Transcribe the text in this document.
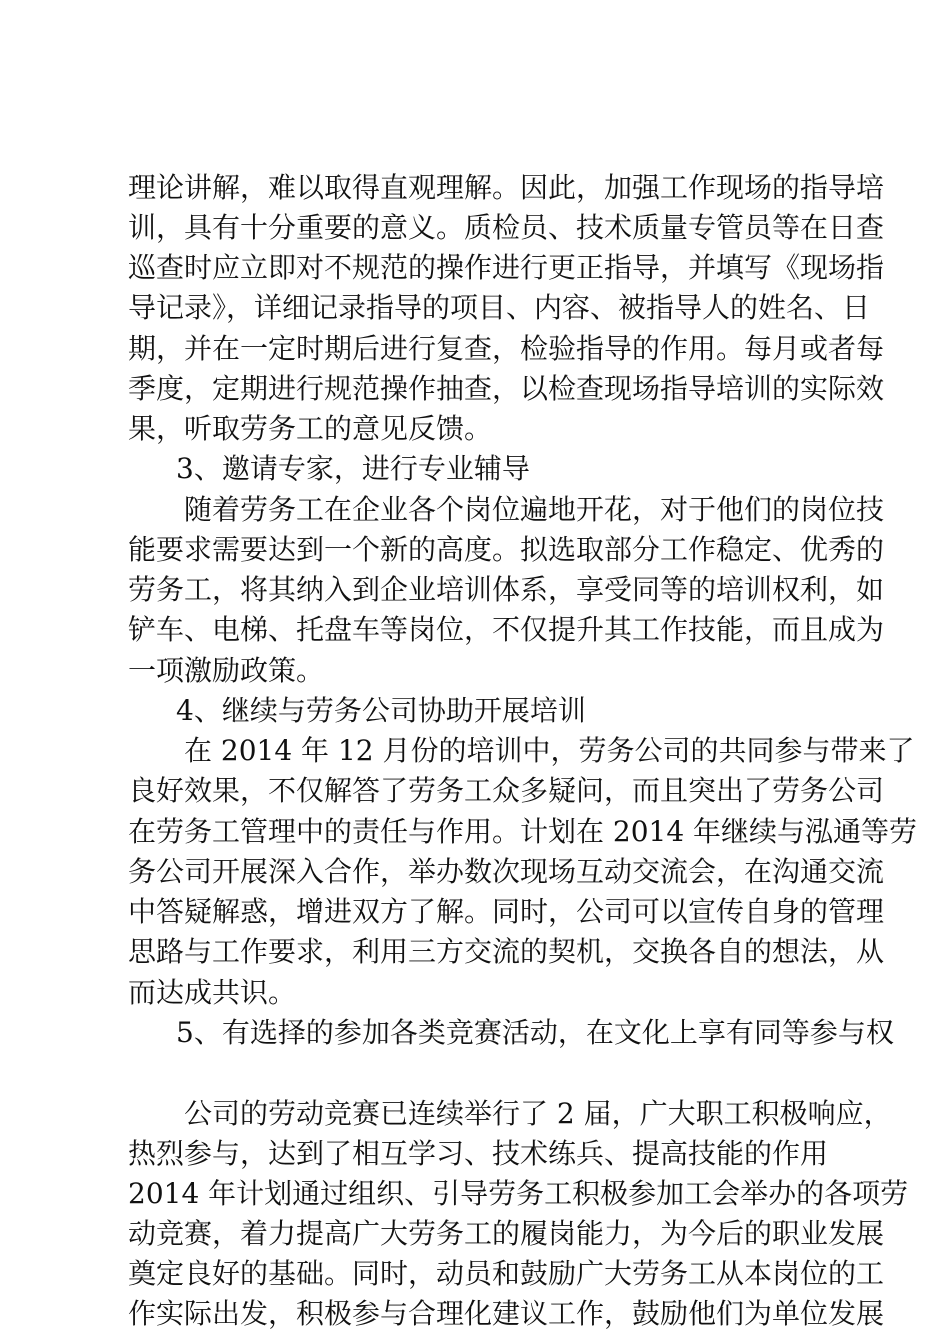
理论讲解，难以取得直观理解。因此，加强工作现场的指导培
训，具有十分重要的意义。质检员、技术质量专管员等在日查
巡查时应立即对不规范的操作进行更正指导，并填写《现场指
导记录》，详细记录指导的项目、内容、被指导人的姓名、日
期，并在一定时期后进行复查，检验指导的作用。每月或者每
季度，定期进行规范操作抽查，以检查现场指导培训的实际效
果，听取劳务工的意见反馈。
3、邀请专家，进行专业辅导
随着劳务工在企业各个岗位遍地开花，对于他们的岗位技
能要求需要达到一个新的高度。拟选取部分工作稳定、优秀的
劳务工，将其纳入到企业培训体系，享受同等的培训权利，如
铲车、电梯、托盘车等岗位，不仅提升其工作技能，而且成为
一项激励政策。
4、继续与劳务公司协助开展培训
在 2014 年 12 月份的培训中，劳务公司的共同参与带来了
良好效果，不仅解答了劳务工众多疑问，而且突出了劳务公司
在劳务工管理中的责任与作用。计划在 2014 年继续与泓通等劳
务公司开展深入合作，举办数次现场互动交流会，在沟通交流
中答疑解惑，增进双方了解。同时，公司可以宣传自身的管理
思路与工作要求，利用三方交流的契机，交换各自的想法，从
而达成共识。
5、有选择的参加各类竞赛活动，在文化上享有同等参与权
公司的劳动竞赛已连续举行了 2 届，广大职工积极响应，
热烈参与，达到了相互学习、技术练兵、提高技能的作用
2014 年计划通过组织、引导劳务工积极参加工会举办的各项劳
动竞赛，着力提高广大劳务工的履岗能力，为今后的职业发展
奠定良好的基础。同时，动员和鼓励广大劳务工从本岗位的工
作实际出发，积极参与合理化建议工作，鼓励他们为单位发展
